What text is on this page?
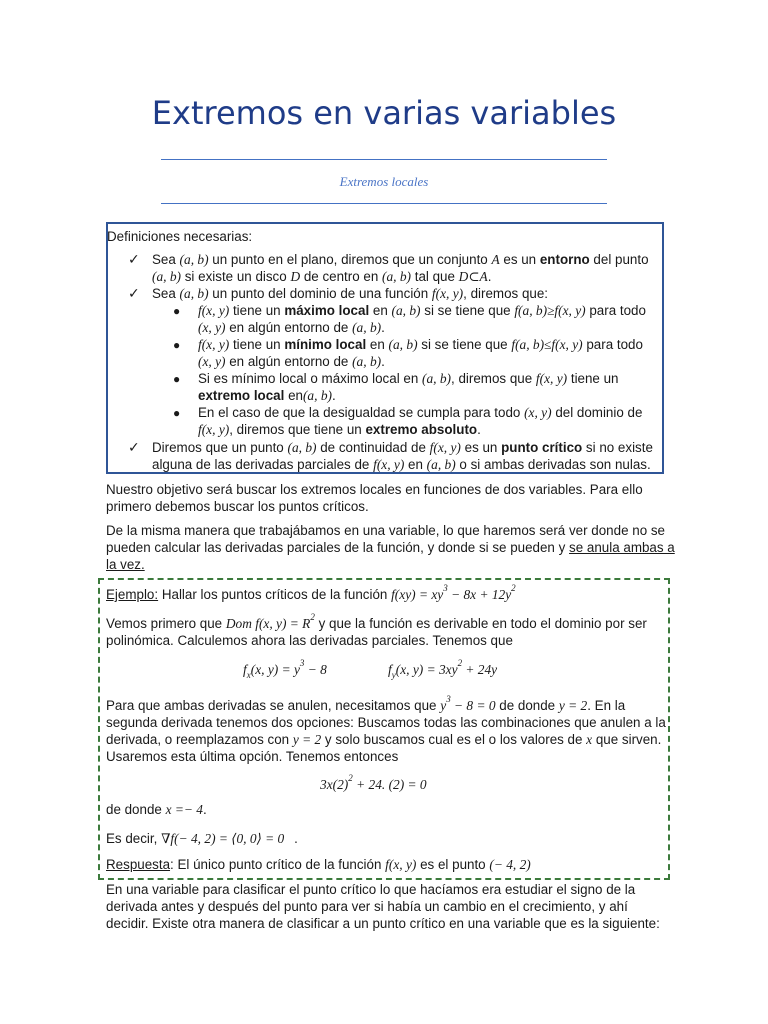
Extremos en varias variables
Extremos locales
Definiciones necesarias:
✓ Sea (a, b) un punto en el plano, diremos que un conjunto A es un entorno del punto
(a, b) si existe un disco D de centro en (a, b) tal que D⊂A.
✓ Sea (a, b) un punto del dominio de una función f(x, y), diremos que:
● f(x, y) tiene un máximo local en (a, b) si se tiene que f(a, b)≥f(x, y) para todo
(x, y) en algún entorno de (a, b).
● f(x, y) tiene un mínimo local en (a, b) si se tiene que f(a, b)≤f(x, y) para todo
(x, y) en algún entorno de (a, b).
● Si es mínimo local o máximo local en (a, b), diremos que f(x, y) tiene un
extremo local en(a, b).
● En el caso de que la desigualdad se cumpla para todo (x, y) del dominio de
f(x, y), diremos que tiene un extremo absoluto.
✓ Diremos que un punto (a, b) de continuidad de f(x, y) es un punto crítico si no existe
alguna de las derivadas parciales de f(x, y) en (a, b) o si ambas derivadas son nulas.
Nuestro objetivo será buscar los extremos locales en funciones de dos variables. Para ello
primero debemos buscar los puntos críticos.
De la misma manera que trabajábamos en una variable, lo que haremos será ver donde no se
pueden calcular las derivadas parciales de la función, y donde si se pueden y se anula ambas a
la vez.
Ejemplo: Hallar los puntos críticos de la función $f(xy) = xy^3 - 8x + 12y^2$
Vemos primero que Dom f(x, $y) = R^2$ y que la función es derivable en todo el dominio por ser
polinómica. Calculemos ahora las derivadas parciales. Tenemos que
$f_x(x$, $y) = y^3 - 8$	$f_y(x$, $y) = 3xy^2 + 24y$
Para que ambas derivadas se anulen, necesitamos que $y^3 - 8 = 0$ de donde y = 2. En la
segunda derivada tenemos dos opciones: Buscamos todas las combinaciones que anulen a la
derivada, o reemplazamos con y = 2 y solo buscamos cual es el o los valores de x que sirven.
Usaremos esta última opción. Tenemos entonces
$3x(2)^2 + 24$. (2) = 0
de donde x =− 4.
Es decir, ∇f(− 4, 2) = ⟨0, 0⟩ = 0⃗.
Respuesta: El único punto crítico de la función f(x, y) es el punto (− 4, 2)
En una variable para clasificar el punto crítico lo que hacíamos era estudiar el signo de la
derivada antes y después del punto para ver si había un cambio en el crecimiento, y ahí
decidir. Existe otra manera de clasificar a un punto crítico en una variable que es la siguiente:
